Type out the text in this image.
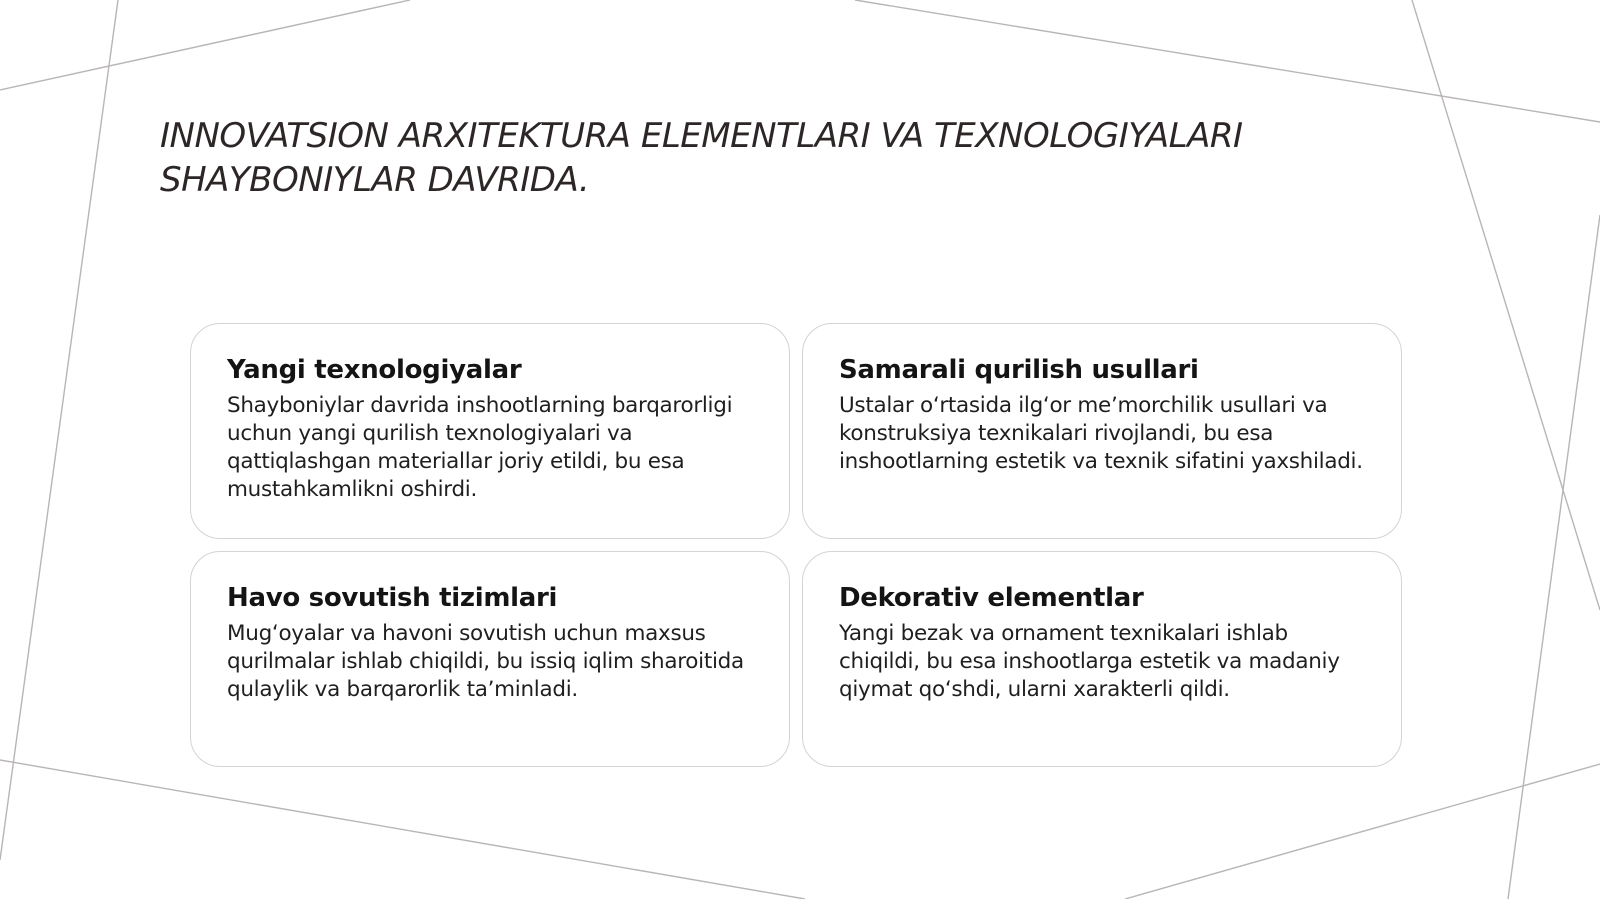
INNOVATSION ARXITEKTURA ELEMENTLARI VA TEXNOLOGIYALARI SHAYBONIYLAR DAVRIDA.
Yangi texnologiyalar

Shayboniylar davrida inshootlarning barqarorligi uchun yangi qurilish texnologiyalari va qattiqlashgan materiallar joriy etildi, bu esa mustahkamlikni oshirdi.

Samarali qurilish usullari

Ustalar oʻrtasida ilgʻor meʼmorchilik usullari va konstruksiya texnikalari rivojlandi, bu esa inshootlarning estetik va texnik sifatini yaxshiladi.

Havo sovutish tizimlari

Mugʻoyalar va havoni sovutish uchun maxsus qurilmalar ishlab chiqildi, bu issiq iqlim sharoitida qulaylik va barqarorlik taʼminladi.

Dekorativ elementlar

Yangi bezak va ornament texnikalari ishlab chiqildi, bu esa inshootlarga estetik va madaniy qiymat qoʻshdi, ularni xarakterli qildi.
